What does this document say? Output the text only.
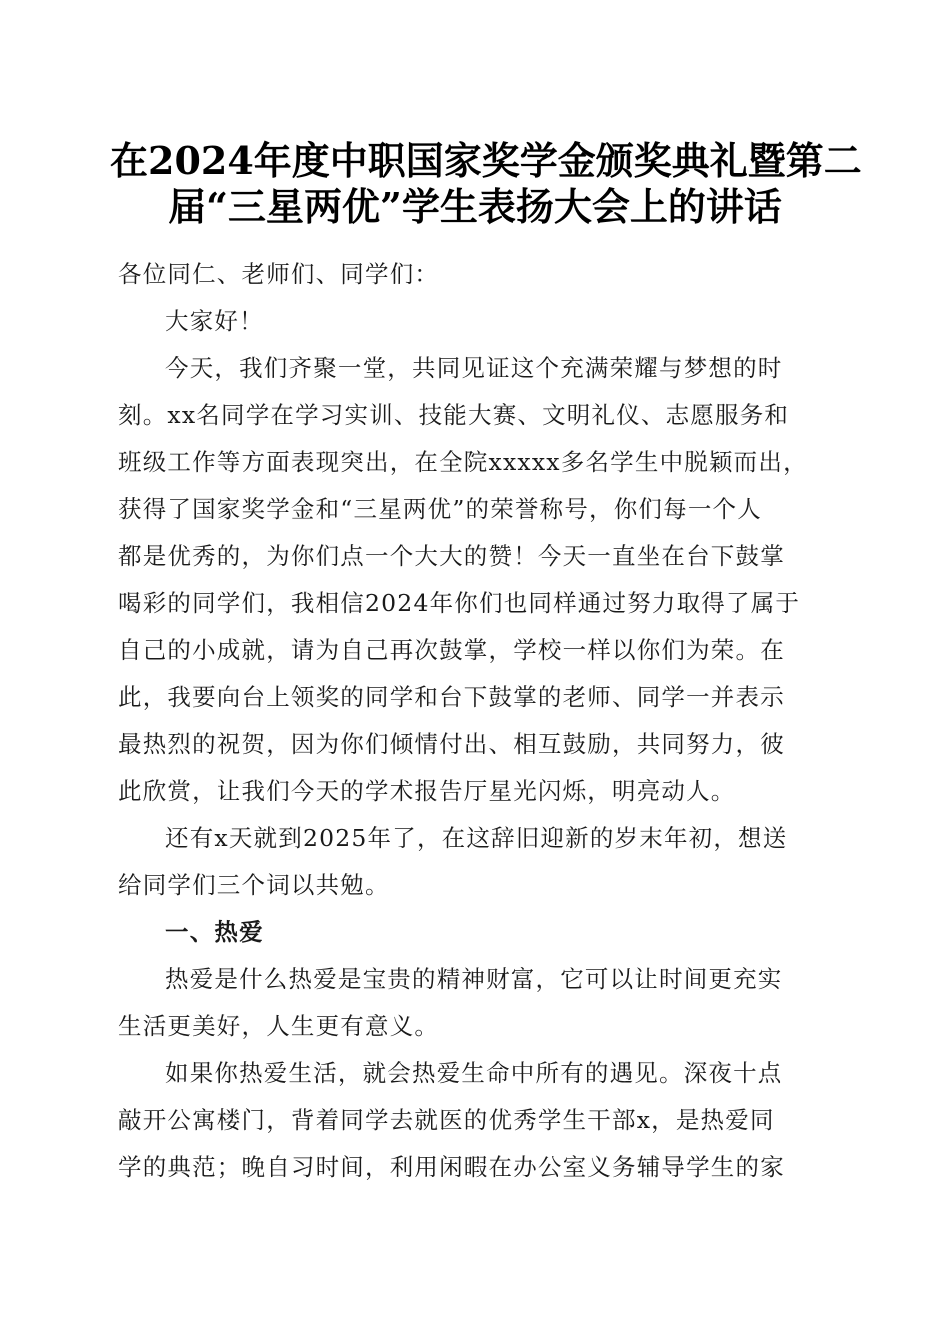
在2024年度中职国家奖学金颁奖典礼暨第二
届“三星两优”学生表扬大会上的讲话

各位同仁、老师们、同学们：

大家好！

今天，我们齐聚一堂，共同见证这个充满荣耀与梦想的时
刻。xx名同学在学习实训、技能大赛、文明礼仪、志愿服务和
班级工作等方面表现突出，在全院xxxxx多名学生中脱颖而出，
获得了国家奖学金和“三星两优”的荣誉称号，你们每一个人
都是优秀的，为你们点一个大大的赞！今天一直坐在台下鼓掌
喝彩的同学们，我相信2024年你们也同样通过努力取得了属于
自己的小成就，请为自己再次鼓掌，学校一样以你们为荣。在
此，我要向台上领奖的同学和台下鼓掌的老师、同学一并表示
最热烈的祝贺，因为你们倾情付出、相互鼓励，共同努力，彼
此欣赏，让我们今天的学术报告厅星光闪烁，明亮动人。

还有x天就到2025年了，在这辞旧迎新的岁末年初，想送
给同学们三个词以共勉。

一、热爱

热爱是什么热爱是宝贵的精神财富，它可以让时间更充实
生活更美好，人生更有意义。

如果你热爱生活，就会热爱生命中所有的遇见。深夜十点
敲开公寓楼门，背着同学去就医的优秀学生干部x，是热爱同
学的典范；晚自习时间，利用闲暇在办公室义务辅导学生的家
